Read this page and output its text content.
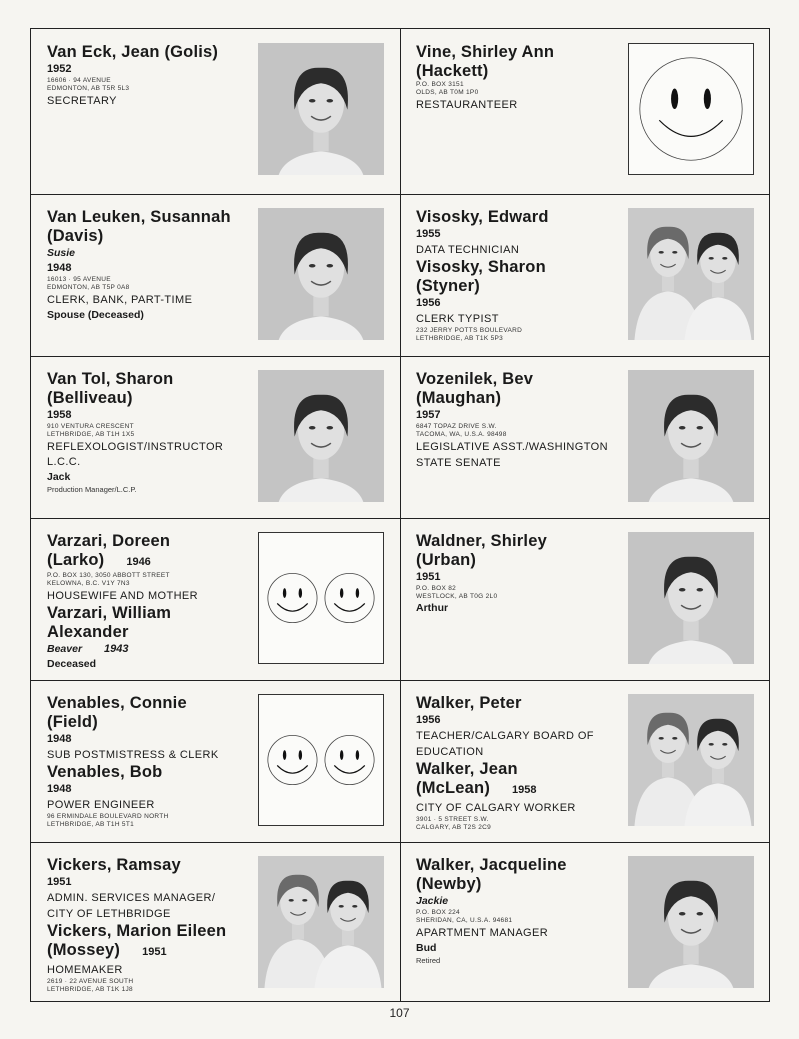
Van Eck, Jean (Golis)
1952
16606 · 94 AVENUE
EDMONTON, AB T5R 5L3
SECRETARY
Vine, Shirley Ann
(Hackett)
P.O. BOX 3151
OLDS, AB T0M 1P0
RESTAURANTEER
Van Leuken, Susannah
(Davis)
Susie
1948
16013 · 95 AVENUE
EDMONTON, AB T5P 0A8
CLERK, BANK, PART-TIME
Spouse (Deceased)
Visosky, Edward
1955
DATA TECHNICIAN
Visosky, Sharon
(Styner)
1956
CLERK TYPIST
232 JERRY POTTS BOULEVARD
LETHBRIDGE, AB T1K 5P3
Van Tol, Sharon
(Belliveau)
1958
910 VENTURA CRESCENT
LETHBRIDGE, AB T1H 1X5
REFLEXOLOGIST/INSTRUCTOR L.C.C.
Jack
Production Manager/L.C.P.
Vozenilek, Bev
(Maughan)
1957
6847 TOPAZ DRIVE S.W.
TACOMA, WA, U.S.A. 98498
LEGISLATIVE ASST./WASHINGTON
STATE SENATE
Varzari, Doreen
(Larko) 1946
P.O. BOX 130, 3050 ABBOTT STREET
KELOWNA, B.C. V1Y 7N3
HOUSEWIFE AND MOTHER
Varzari, William
Alexander
Beaver 1943
Deceased
Waldner, Shirley
(Urban)
1951
P.O. BOX 82
WESTLOCK, AB T0G 2L0
Arthur
Venables, Connie
(Field)
1948
SUB POSTMISTRESS & CLERK
Venables, Bob
1948
POWER ENGINEER
96 ERMINDALE BOULEVARD NORTH
LETHBRIDGE, AB T1H 5T1
Walker, Peter
1956
TEACHER/CALGARY BOARD OF
EDUCATION
Walker, Jean
(McLean) 1958
CITY OF CALGARY WORKER
3901 · 5 STREET S.W.
CALGARY, AB T2S 2C9
Vickers, Ramsay
1951
ADMIN. SERVICES MANAGER/
CITY OF LETHBRIDGE
Vickers, Marion Eileen
(Mossey) 1951
HOMEMAKER
2619 · 22 AVENUE SOUTH
LETHBRIDGE, AB T1K 1J8
Walker, Jacqueline
(Newby)
Jackie
P.O. BOX 224
SHERIDAN, CA, U.S.A. 94681
APARTMENT MANAGER
Bud
Retired
107
